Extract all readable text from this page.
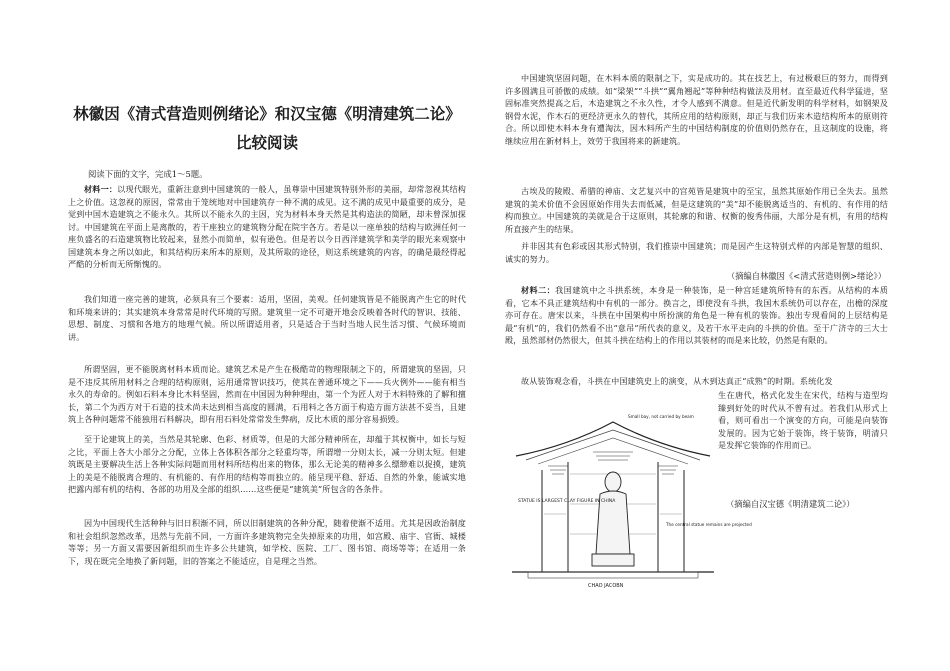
林徽因《清式营造则例绪论》和汉宝德《明清建筑二论》比较阅读
阅读下面的文字，完成1～5题。

材料一：以现代眼光，重新注意到中国建筑的一般人，虽尊崇中国建筑特别外形的美丽，却常忽视其结构上之价值。这忽视的原因，常常由于笼统地对中国建筑存一种不满的成见。这不满的成见中最重要的成分，是觉到中国木造建筑之不能永久。其所以不能永久的主因，究为材料本身天然是其构造法的简陋，却未曾深加探讨。中国建筑在平面上是离散的，若干座独立的建筑物分配在院宇各方。若是以一座单独的结构与欧洲任何一座负盛名的石造建筑物比较起来，显然小而简单，似有逊色。但是若以今日西洋建筑学和美学的眼光来观察中国建筑本身之所以如此，和其结构历来所本的原则，及其所取的途径，则这系统建筑的内容，的确是最经得起严酷的分析而无所惭愧的。

我们知道一座完善的建筑，必须具有三个要素：适用，坚固，美观。任何建筑皆是不能脱离产生它的时代和环境来讲的；其实建筑本身常常是时代环境的写照。建筑里一定不可避开地会反映着各时代的智识、技能、思想、制度、习惯和各地方的地理气候。所以所谓适用者，只是适合于当时当地人民生活习惯、气候环境而讲。

所谓坚固，更不能脱离材料本质而论。建筑艺术是产生在极酷苛的物理限制之下的，所谓建筑的坚固，只是不违反其所用材料之合理的结构原则，运用通常智识技巧，使其在普通环境之下——兵火例外——能有相当永久的寿命的。例如石料本身比木料坚固，然而在中国因为种种理由，第一个为匠人对于木料特殊的了解和擅长，第二个为西方对于石造的技术尚未达到相当高度的圆满，石用料之各方面于构造方面方法甚不妥当，且建筑上各种问题常不能独用石料解决，即有用石料处常常发生弊病，反比木质的部分容易损毁。

至于论建筑上的美，当然是其轮廓、色彩、材质等，但是的大部分精神所在，却蕴于其权衡中，如长与短之比，平面上各大小部分之分配，立体上各体积各部分之轻重均等，所谓增一分则太长，减一分则太短。但建筑既是主要解决生活上各种实际问题而用材料所结构出来的物体，那么无论美的精神多么缥缈难以捉摸，建筑上的美是不能脱离合理的、有机能的、有作用的结构等而独立的。能呈现平稳、舒适、自然的外象，能诚实地把露内部有机的结构、各部的功用及全部的组织……这些便是“建筑美”所包含的各条件。

因为中国现代生活种种与旧日积渐不同，所以旧制建筑的各种分配，随着使渐不适用。尤其是因政治制度和社会组织忽然改革，迅然与先前不同，一方面许多建筑物完全失掉原来的功用，如宫殿、庙宇、官衙、城楼等等；另一方面又需要因新组织而生许多公共建筑，如学校、医院、工厂、图书馆、商场等等；在适用一条下，现在既完全地换了新问题，旧的答案之不能适应，自是理之当然。

中国建筑坚固问题，在木料本质的限制之下，实是成功的。其在技艺上，有过极艰巨的努力，而得到许多圆满且可骄傲的成绩。如“梁架”“斗拱”“翼角翘起”等种种结构做法及用材。直至最近代科学猛进，坚固标准突然提高之后，木造建筑之不永久性，才令人感到不满意。但是近代新发明的科学材料，如钢架及钢骨水泥，作木石的更经济更永久的替代，其所应用的结构原则，却正与我们历来木造结构所本的原则符合。所以即使木料本身有遭淘汰，因木料所产生的中国结构制度的价值则仍然存在，且这制度的设施，将继续应用在新材料上，效劳于我国将来的新建筑。

古埃及的陵殿、希腊的神庙、文艺复兴中的宫苑皆是建筑中的至宝，虽然其原始作用已全失去。虽然建筑的美术价值不会因原始作用失去而低减，但是这建筑的“美”却不能脱离适当的、有机的、有作用的结构而独立。中国建筑的美就是合于这原则，其轮廓的和谐、权衡的俊秀伟丽，大部分是有机，有用的结构所直接产生的结果。

并非因其有色彩或因其形式特别，我们推崇中国建筑；而是因产生这特别式样的内部是智慧的组织、诚实的努力。

（摘编自林徽因《<清式营造则例>绪论》）

材料二：我国建筑中之斗拱系统，本身是一种装饰，是一种宫廷建筑所特有的东西。从结构的本质看，它本不具正建筑结构中有机的一部分。换言之，即使没有斗拱，我国木系统仍可以存在，出檐的深度亦可存在。唐宋以来，斗拱在中国架构中所扮演的角色是一种有机的装饰。独出专现看间的上层结构是最“有机”的，我们仍然看不出“意吊”所代表的意义，及若干水平走向的斗拱的价值。至于广济寺的三大士殿，虽然部材仍然很大，但其斗拱在结构上的作用以其装材的而是来比较，仍然是有限的。

故从装饰观念看，斗拱在中国建筑史上的演变，从木到达真正“成熟”的时期。系统化发

生在唐代，格式化发生在宋代，结构与造型均臻到好处的时代从不曾有过。若我们从形式上看，则可看出一个演变的方向，可能是向装饰发展的。因为它始于装饰，终于装饰，明清只是发挥它装饰的作用而已。

（摘编自汉宝德《明清建筑二论》）
STATUE IS LARGEST CLAY FIGURE IN CHINA
The central statue remains are projected
Small bay, not carried by beam
CHAO JACOBN
